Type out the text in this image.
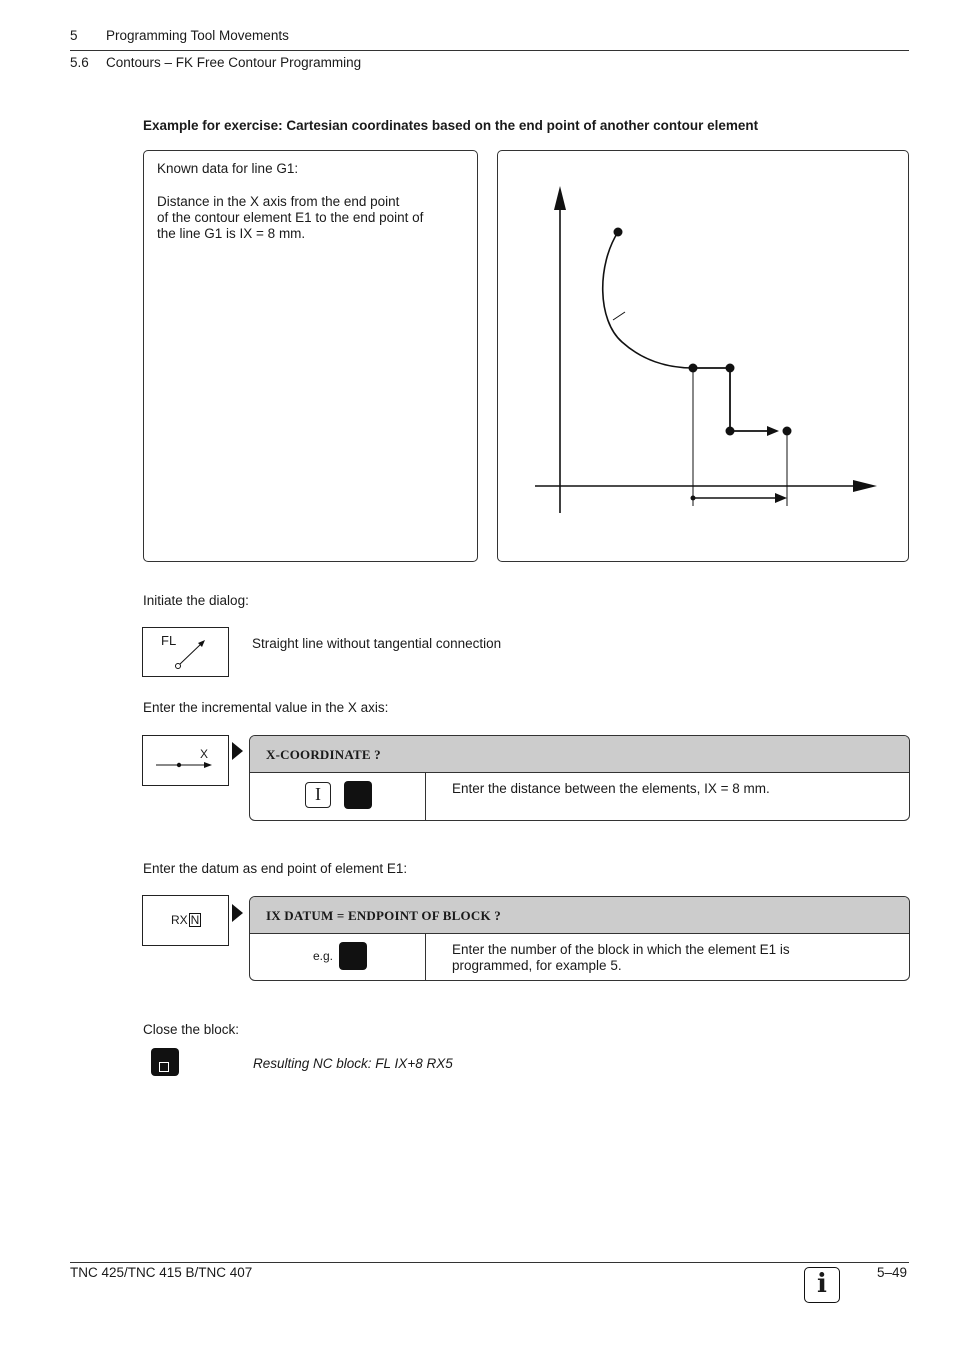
5 Programming Tool Movements
5.6 Contours – FK Free Contour Programming
Example for exercise: Cartesian coordinates based on the end point of another contour element
Known data for line G1:
Distance in the X axis from the end point
of the contour element E1 to the end point of
the line G1 is IX = 8 mm.
Initiate the dialog:
FL	Straight line without tangential connection
Enter the incremental value in the X axis:
X	X-COORDINATE ?
I	Enter the distance between the elements, IX = 8 mm.
Enter the datum as end point of element E1:
RX N	IX DATUM = ENDPOINT OF BLOCK ?
e.g.	Enter the number of the block in which the element E1 is
programmed, for example 5.
Close the block:
Resulting NC block: FL IX+8 RX5
TNC 425/TNC 415 B/TNC 407	5–49
i
